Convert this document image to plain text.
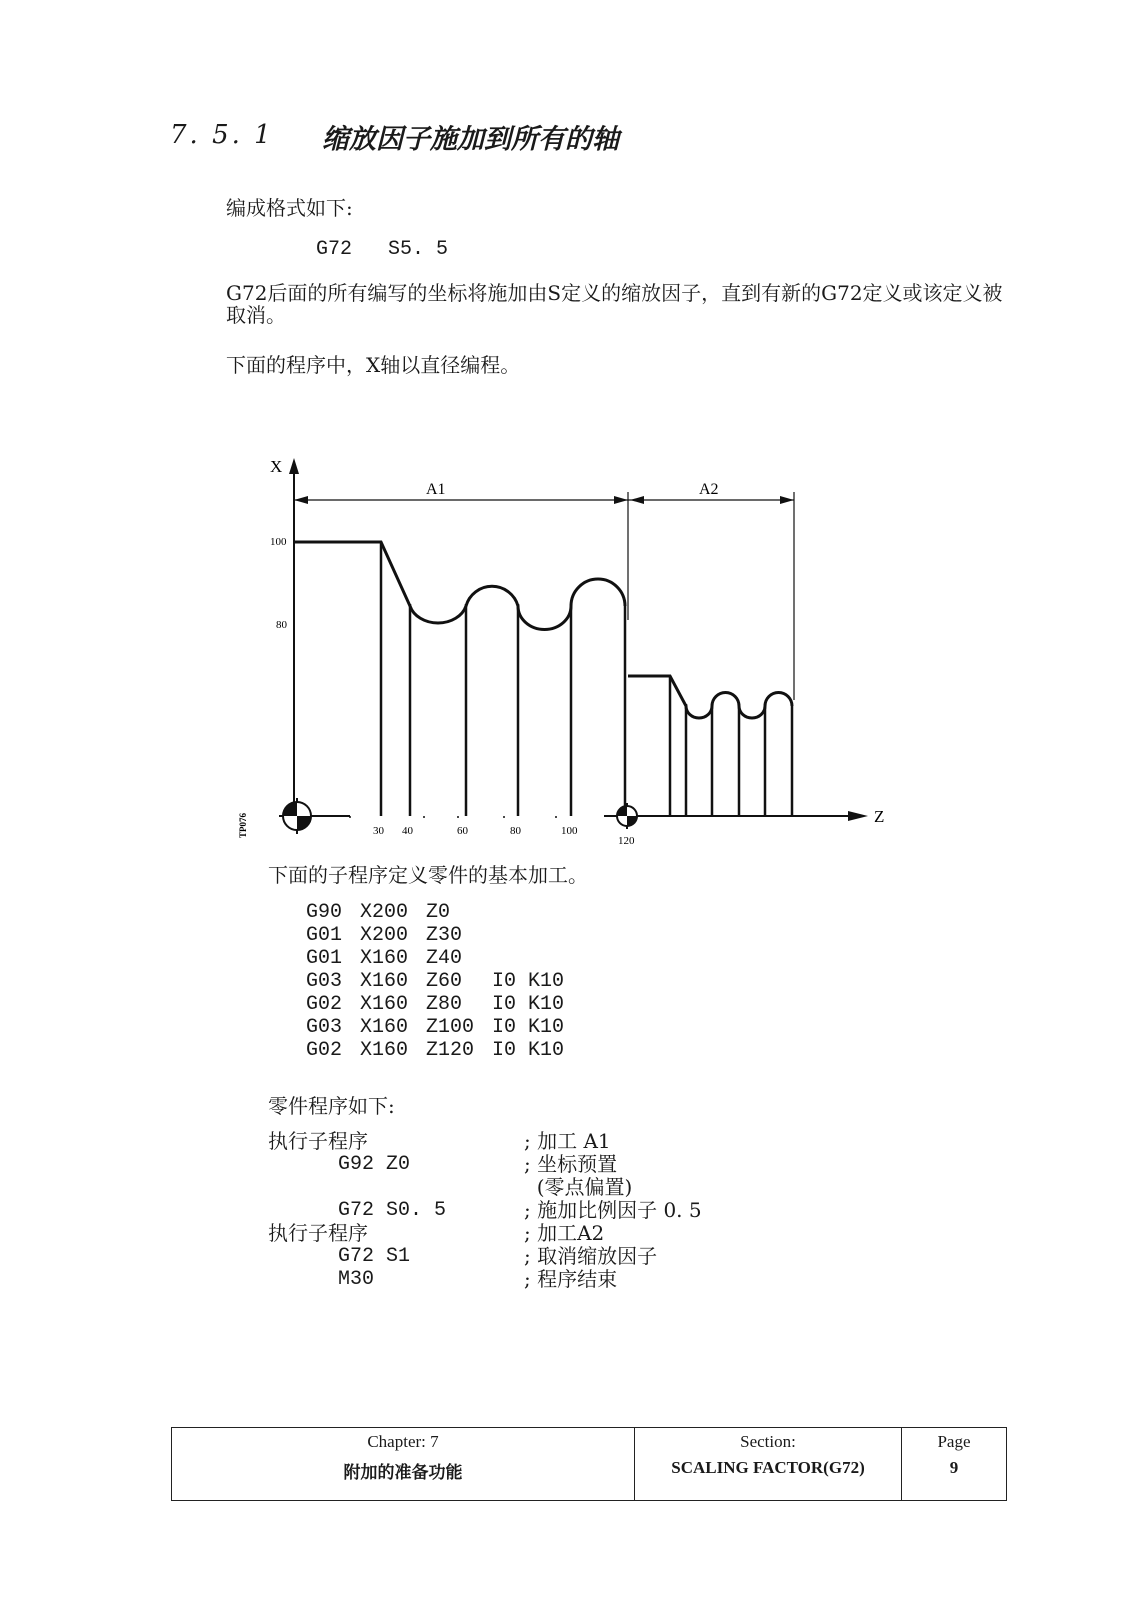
7. 5. 1 缩放因子施加到所有的轴
编成格式如下:
G72 S5. 5
G72后面的所有编写的坐标将施加由S定义的缩放因子，直到有新的G72定义或该定义被取消。
下面的程序中，X轴以直径编程。
X
Z
A1	A2
100
80
30 40	60	80	100
120
TP076
下面的子程序定义零件的基本加工。
G90 X200 Z0
G01 X200 Z30
G01 X160 Z40
G03 X160 Z60	I0 K10
G02 X160 Z80	I0 K10
G03 X160 Z100 I0 K10
G02 X160 Z120 I0 K10
零件程序如下:
执行子程序	; 加工 A1
G92 Z0	; 坐标预置
(零点偏置)
G72 S0. 5	; 施加比例因子 0. 5
执行子程序	; 加工A2
G72 S1	; 取消缩放因子
M30	; 程序结束
Chapter: 7
附加的准备功能
Section:
SCALING FACTOR(G72)
Page
9
